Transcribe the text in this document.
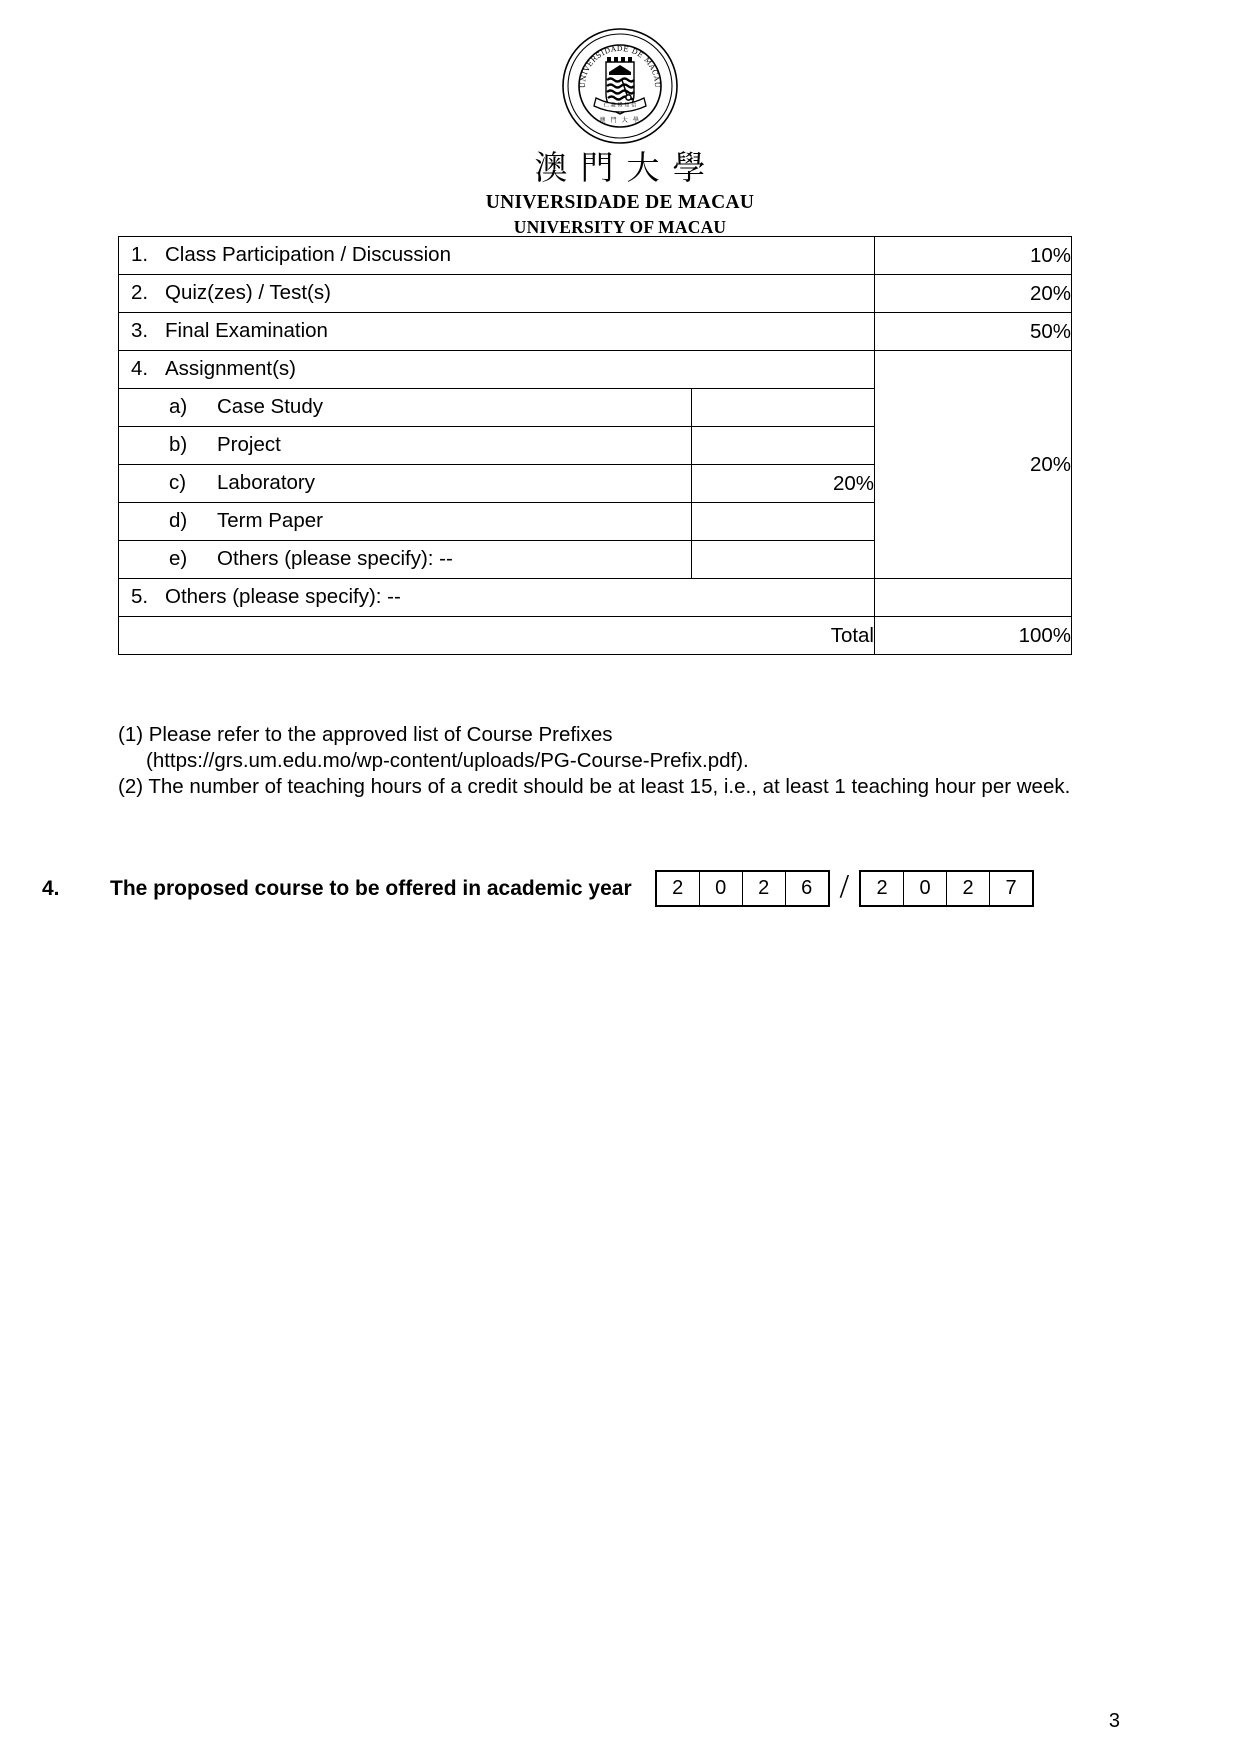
UNIVERSIDADE DE MACAU
仁 義 禮 知 信
澳 門 大 學
澳門大學
UNIVERSIDADE DE MACAU
UNIVERSITY OF MACAU
1. Class Participation / Discussion		10%

2. Quiz(zes) / Test(s)		20%

3. Final Examination		50%

4. Assignment(s)		20%

a) Case Study		

b) Project		

c) Laboratory	20%	

d) Term Paper		

e) Others (please specify): --		

5. Others (please specify): --		

Total		100%
(1) Please refer to the approved list of Course Prefixes
(https://grs.um.edu.mo/wp-content/uploads/PG-Course-Prefix.pdf).
(2) The number of teaching hours of a credit should be at least 15, i.e., at least 1 teaching hour per week.
4.	The proposed course to be offered in academic year	2	0	2	6 /	2	0	2	7
3
